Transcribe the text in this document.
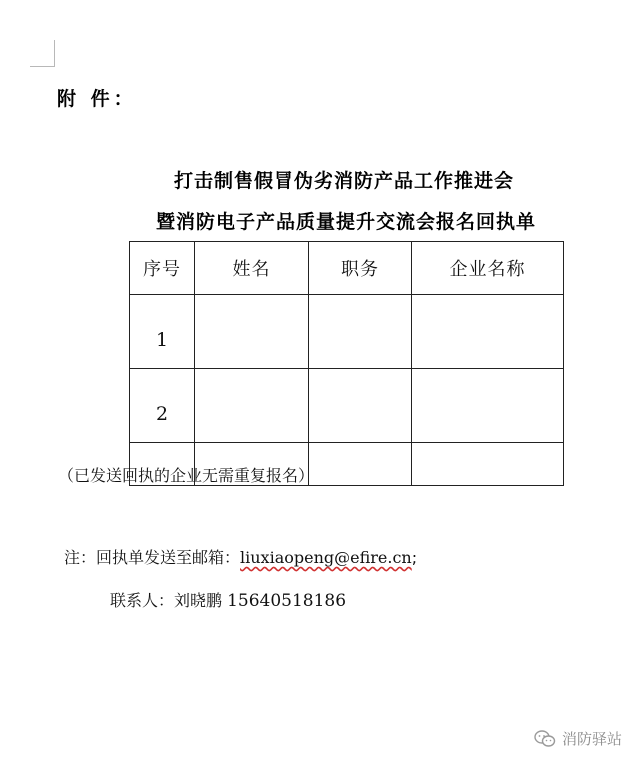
附 件：
打击制售假冒伪劣消防产品工作推进会
暨消防电子产品质量提升交流会报名回执单
序号	姓名	职务	企业名称
1			
2			

（已发送回执的企业无需重复报名）
注：回执单发送至邮箱：liuxiaopeng@efire.cn;
联系人：刘晓鹏 15640518186
消防驿站
